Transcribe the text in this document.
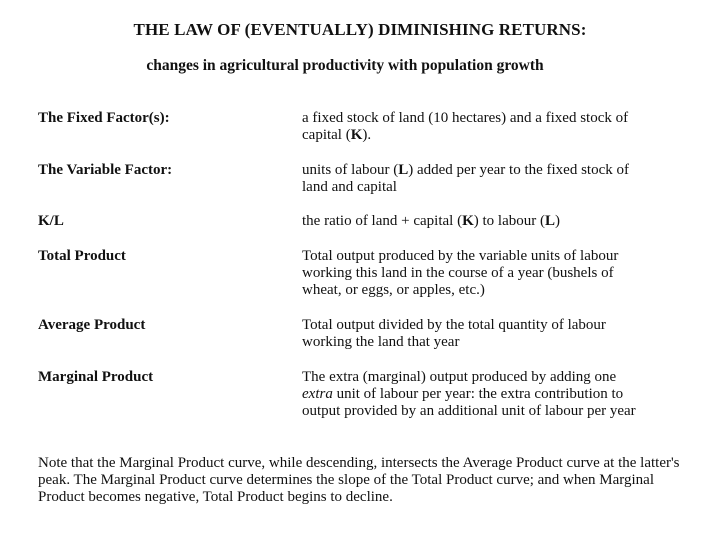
THE LAW OF (EVENTUALLY) DIMINISHING RETURNS:
changes in agricultural productivity with population growth
The Fixed Factor(s):	a fixed stock of land (10 hectares) and a fixed stock of capital (K).
The Variable Factor:	units of labour (L) added per year to the fixed stock of land and capital
K/L	the ratio of land + capital (K) to labour (L)
Total Product	Total output produced by the variable units of labour working this land in the course of a year (bushels of wheat, or eggs, or apples, etc.)
Average Product	Total output divided by the total quantity of labour working the land that year
Marginal Product	The extra (marginal) output produced by adding one extra unit of labour per year: the extra contribution to output provided by an additional unit of labour per year
Note that the Marginal Product curve, while descending, intersects the Average Product curve at the latter's peak. The Marginal Product curve determines the slope of the Total Product curve; and when Marginal Product becomes negative, Total Product begins to decline.
